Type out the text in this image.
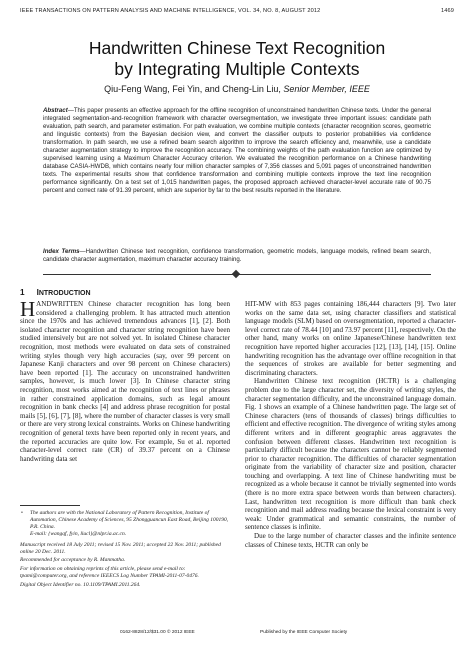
IEEE TRANSACTIONS ON PATTERN ANALYSIS AND MACHINE INTELLIGENCE, VOL. 34, NO. 8, AUGUST 2012	1469
Handwritten Chinese Text Recognition
by Integrating Multiple Contexts
Qiu-Feng Wang, Fei Yin, and Cheng-Lin Liu, Senior Member, IEEE
Abstract—This paper presents an effective approach for the offline recognition of unconstrained handwritten Chinese texts. Under the general integrated segmentation-and-recognition framework with character oversegmentation, we investigate three important issues: candidate path evaluation, path search, and parameter estimation. For path evaluation, we combine multiple contexts (character recognition scores, geometric and linguistic contexts) from the Bayesian decision view, and convert the classifier outputs to posterior probabilities via confidence transformation. In path search, we use a refined beam search algorithm to improve the search efficiency and, meanwhile, use a candidate character augmentation strategy to improve the recognition accuracy. The combining weights of the path evaluation function are optimized by supervised learning using a Maximum Character Accuracy criterion. We evaluated the recognition performance on a Chinese handwriting database CASIA-HWDB, which contains nearly four million character samples of 7,356 classes and 5,091 pages of unconstrained handwritten texts. The experimental results show that confidence transformation and combining multiple contexts improve the text line recognition performance significantly. On a test set of 1,015 handwritten pages, the proposed approach achieved character-level accurate rate of 90.75 percent and correct rate of 91.39 percent, which are superior by far to the best results reported in the literature.
Index Terms—Handwritten Chinese text recognition, confidence transformation, geometric models, language models, refined beam search, candidate character augmentation, maximum character accuracy training.
1 INTRODUCTION

HANDWRITTEN Chinese character recognition has long been considered a challenging problem. It has attracted much attention since the 1970s and has achieved tremendous advances [1], [2]. Both isolated character recognition and character string recognition have been studied intensively but are not solved yet. In isolated Chinese character recognition, most methods were evaluated on data sets of constrained writing styles though very high accuracies (say, over 99 percent on Japanese Kanji characters and over 98 percent on Chinese characters) have been reported [1]. The accuracy on unconstrained handwritten samples, however, is much lower [3]. In Chinese character string recognition, most works aimed at the recognition of text lines or phrases in rather constrained application domains, such as legal amount recognition in bank checks [4] and address phrase recognition for postal mails [5], [6], [7], [8], where the number of character classes is very small or there are very strong lexical constraints. Works on Chinese handwriting recognition of general texts have been reported only in recent years, and the reported accuracies are quite low. For example, Su et al. reported character-level correct rate (CR) of 39.37 percent on a Chinese handwriting data set

• The authors are with the National Laboratory of Pattern Recognition, Institute of Automation, Chinese Academy of Sciences, 95 Zhongguancun East Road, Beijing 100190, P.R. China.
E-mail: {wangqf, fyin, liucl}@nlpr.ia.ac.cn.

Manuscript received 18 July 2011; revised 15 Nov. 2011; accepted 22 Nov. 2011; published online 20 Dec. 2011.

Recommended for acceptance by R. Manmatha.

For information on obtaining reprints of this article, please send e-mail to: tpami@computer.org, and reference IEEECS Log Number TPAMI-2011-07-0476.

Digital Object Identifier no. 10.1109/TPAMI.2011.264.

HIT-MW with 853 pages containing 186,444 characters [9]. Two later works on the same data set, using character classifiers and statistical language models (SLM) based on oversegmentation, reported a character-level correct rate of 78.44 [10] and 73.97 percent [11], respectively. On the other hand, many works on online Japanese/Chinese handwritten text recognition have reported higher accuracies [12], [13], [14], [15]. Online handwriting recognition has the advantage over offline recognition in that the sequences of strokes are available for better segmenting and discriminating characters.

Handwritten Chinese text recognition (HCTR) is a challenging problem due to the large character set, the diversity of writing styles, the character segmentation difficulty, and the unconstrained language domain. Fig. 1 shows an example of a Chinese handwritten page. The large set of Chinese characters (tens of thousands of classes) brings difficulties to efficient and effective recognition. The divergence of writing styles among different writers and in different geographic areas aggravates the confusion between different classes. Handwritten text recognition is particularly difficult because the characters cannot be reliably segmented prior to character recognition. The difficulties of character segmentation originate from the variability of character size and position, character touching and overlapping. A text line of Chinese handwriting must be recognized as a whole because it cannot be trivially segmented into words (there is no more extra space between words than between characters). Last, handwritten text recognition is more difficult than bank check recognition and mail address reading because the lexical constraint is very weak: Under grammatical and semantic constraints, the number of sentence classes is infinite.

Due to the large number of character classes and the infinite sentence classes of Chinese texts, HCTR can only be

0162-8828/12/$31.00 © 2012 IEEE	Published by the IEEE Computer Society
